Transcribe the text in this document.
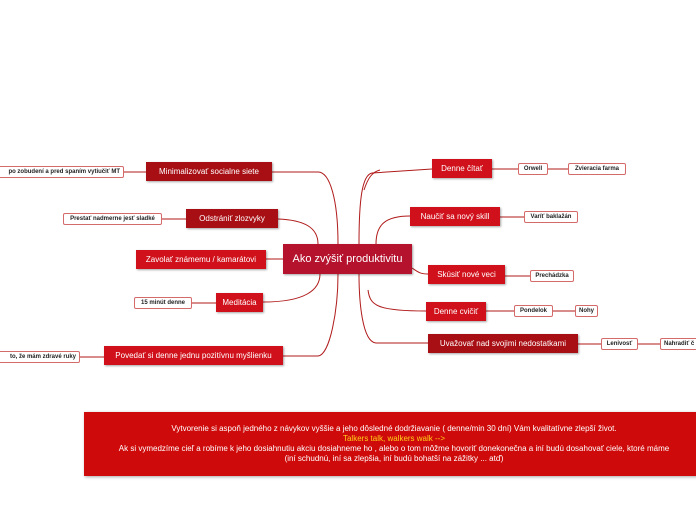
Ako zvýšiť produktivitu
Denne čítať
Naučiť sa nový skill
Skúsiť nové veci
Denne cvičiť
Uvažovať nad svojimi nedostatkami
Orwell	Zvieracia farma
Varíť baklažán
Prechádzka
Pondelok	Nohy
Lenivosť	Nahradiť č
Minimalizovať socialne siete
Odstrániť zlozvyky
Zavolať známemu / kamarátovi
Meditácia
Povedať si denne jednu pozitívnu myšlienku
po zobudení a pred spaním vytiučiť MT
Prestať nadmerne jesť sladké
15 minút denne
to, že mám zdravé ruky
Vytvorenie si aspoň jedného z návykov vyššie a jeho dôsledné dodržiavanie ( denne/min 30 dní) Vám kvalitatívne zlepší život.
Talkers talk, walkers walk -->
Ak si vymedzíme cieľ a robíme k jeho dosiahnutiu akciu dosiahneme ho , alebo o tom môžme hovoriť donekonečna a iní budú dosahovať ciele, ktoré máme
(iní schudnú, iní sa zlepšia, iní budú bohatší na zážitky ... atď)
